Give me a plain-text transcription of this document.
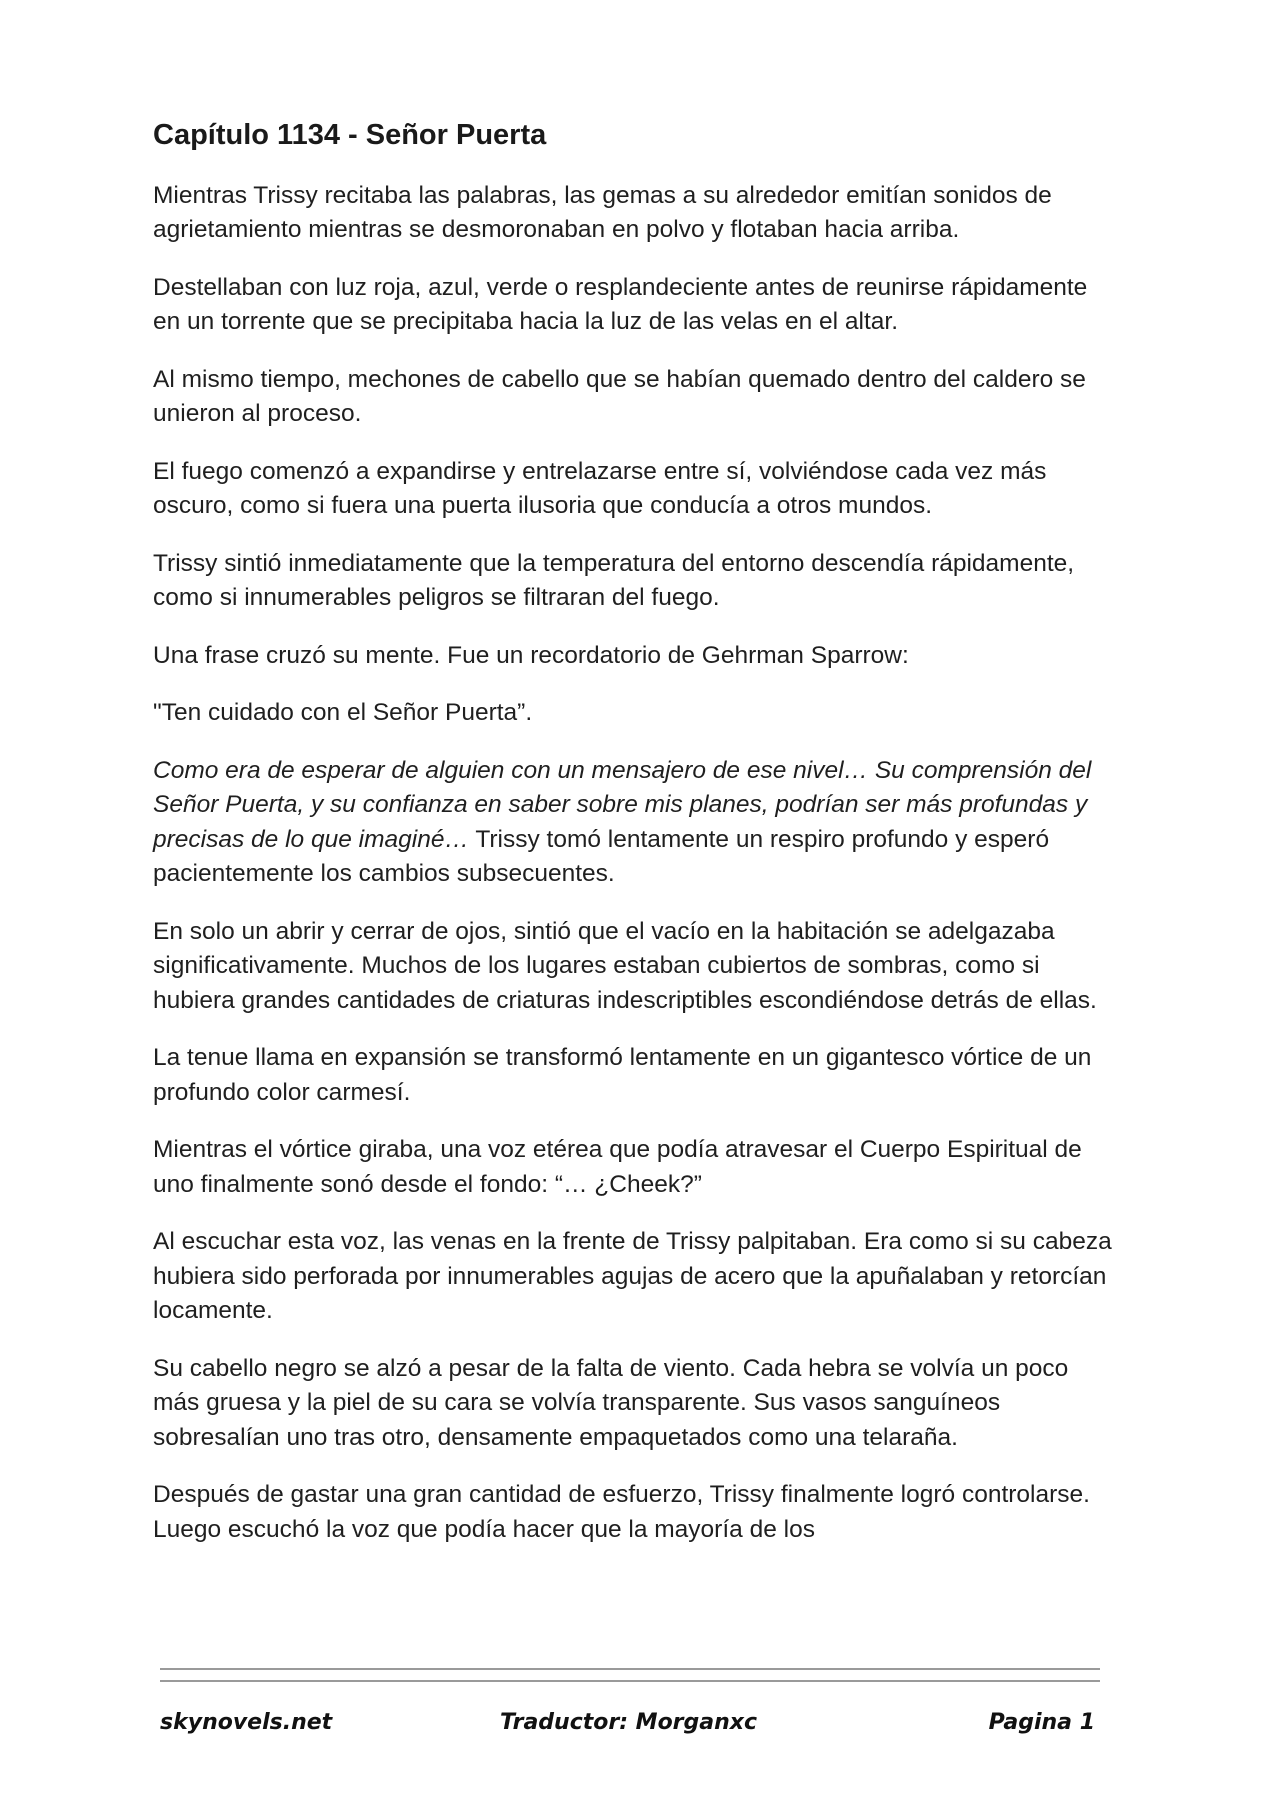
Capítulo 1134 - Señor Puerta

Mientras Trissy recitaba las palabras, las gemas a su alrededor emitían sonidos de agrietamiento mientras se desmoronaban en polvo y flotaban hacia arriba.

Destellaban con luz roja, azul, verde o resplandeciente antes de reunirse rápidamente en un torrente que se precipitaba hacia la luz de las velas en el altar.

Al mismo tiempo, mechones de cabello que se habían quemado dentro del caldero se unieron al proceso.

El fuego comenzó a expandirse y entrelazarse entre sí, volviéndose cada vez más oscuro, como si fuera una puerta ilusoria que conducía a otros mundos.

Trissy sintió inmediatamente que la temperatura del entorno descendía rápidamente, como si innumerables peligros se filtraran del fuego.

Una frase cruzó su mente. Fue un recordatorio de Gehrman Sparrow:

"Ten cuidado con el Señor Puerta”.

Como era de esperar de alguien con un mensajero de ese nivel… Su comprensión del Señor Puerta, y su confianza en saber sobre mis planes, podrían ser más profundas y precisas de lo que imaginé… Trissy tomó lentamente un respiro profundo y esperó pacientemente los cambios subsecuentes.

En solo un abrir y cerrar de ojos, sintió que el vacío en la habitación se adelgazaba significativamente. Muchos de los lugares estaban cubiertos de sombras, como si hubiera grandes cantidades de criaturas indescriptibles escondiéndose detrás de ellas.

La tenue llama en expansión se transformó lentamente en un gigantesco vórtice de un profundo color carmesí.

Mientras el vórtice giraba, una voz etérea que podía atravesar el Cuerpo Espiritual de uno finalmente sonó desde el fondo: “… ¿Cheek?”

Al escuchar esta voz, las venas en la frente de Trissy palpitaban. Era como si su cabeza hubiera sido perforada por innumerables agujas de acero que la apuñalaban y retorcían locamente.

Su cabello negro se alzó a pesar de la falta de viento. Cada hebra se volvía un poco más gruesa y la piel de su cara se volvía transparente. Sus vasos sanguíneos sobresalían uno tras otro, densamente empaquetados como una telaraña.

Después de gastar una gran cantidad de esfuerzo, Trissy finalmente logró controlarse. Luego escuchó la voz que podía hacer que la mayoría de los

skynovels.net	Traductor: Morganxc	Pagina 1
